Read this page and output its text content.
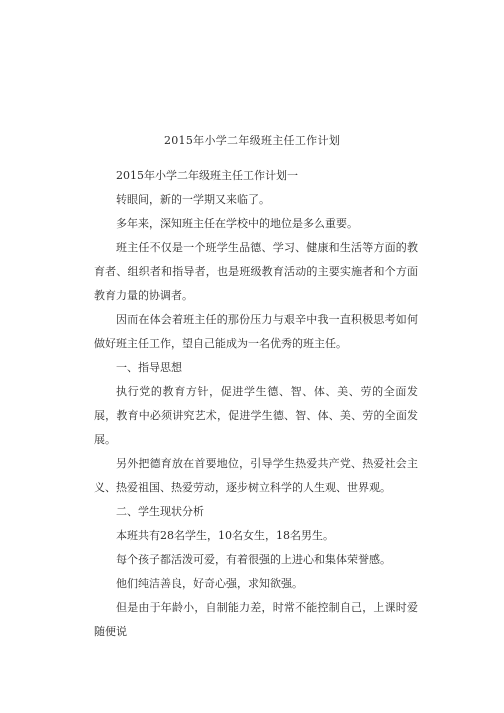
2015年小学二年级班主任工作计划

2015年小学二年级班主任工作计划一

转眼间，新的一学期又来临了。

多年来，深知班主任在学校中的地位是多么重要。

班主任不仅是一个班学生品德、学习、健康和生活等方面的教育者、组织者和指导者，也是班级教育活动的主要实施者和个方面教育力量的协调者。

因而在体会着班主任的那份压力与艰辛中我一直积极思考如何做好班主任工作，望自己能成为一名优秀的班主任。

一、指导思想

执行党的教育方针，促进学生德、智、体、美、劳的全面发展，教育中必须讲究艺术，促进学生德、智、体、美、劳的全面发展。

另外把德育放在首要地位，引导学生热爱共产党、热爱社会主义、热爱祖国、热爱劳动，逐步树立科学的人生观、世界观。

二、学生现状分析

本班共有28名学生，10名女生，18名男生。

每个孩子都活泼可爱，有着很强的上进心和集体荣誉感。

他们纯洁善良，好奇心强，求知欲强。

但是由于年龄小，自制能力差，时常不能控制自己，上课时爱随便说
